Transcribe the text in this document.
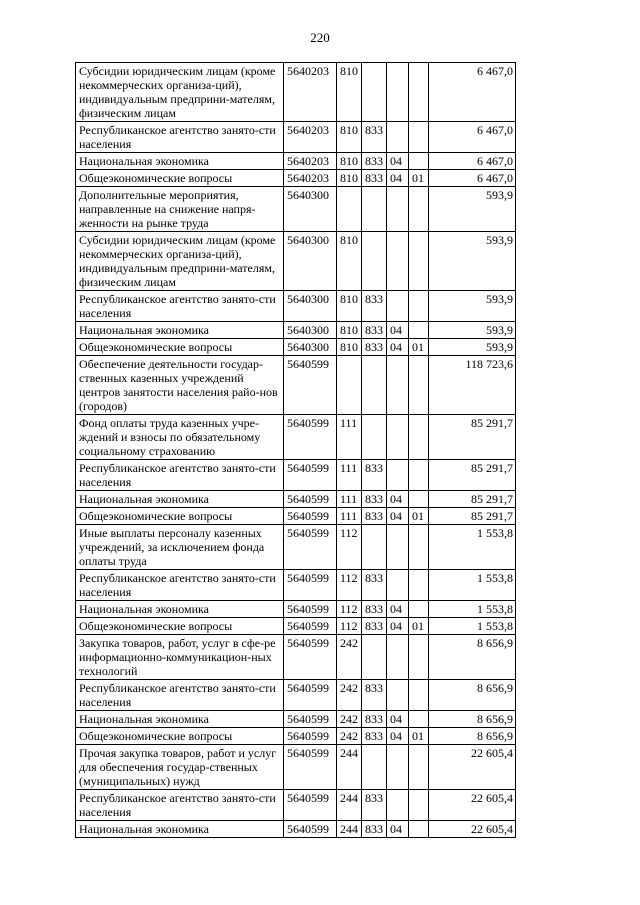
220
Субсидии юридическим лицам (кроме некоммерческих организа-ций), индивидуальным предприни-мателям, физическим лицам	5640203	810				6 467,0
Республиканское агентство занято-сти населения	5640203	810	833			6 467,0
Национальная экономика	5640203	810	833	04		6 467,0
Общеэкономические вопросы	5640203	810	833	04	01	6 467,0
Дополнительные мероприятия, направленные на снижение напря-женности на рынке труда	5640300					593,9
Субсидии юридическим лицам (кроме некоммерческих организа-ций), индивидуальным предприни-мателям, физическим лицам	5640300	810				593,9
Республиканское агентство занято-сти населения	5640300	810	833			593,9
Национальная экономика	5640300	810	833	04		593,9
Общеэкономические вопросы	5640300	810	833	04	01	593,9
Обеспечение деятельности государ-ственных казенных учреждений центров занятости населения райо-нов (городов)	5640599					118 723,6
Фонд оплаты труда казенных учре-ждений и взносы по обязательному социальному страхованию	5640599	111				85 291,7
Республиканское агентство занято-сти населения	5640599	111	833			85 291,7
Национальная экономика	5640599	111	833	04		85 291,7
Общеэкономические вопросы	5640599	111	833	04	01	85 291,7
Иные выплаты персоналу казенных учреждений, за исключением фонда оплаты труда	5640599	112				1 553,8
Республиканское агентство занято-сти населения	5640599	112	833			1 553,8
Национальная экономика	5640599	112	833	04		1 553,8
Общеэкономические вопросы	5640599	112	833	04	01	1 553,8
Закупка товаров, работ, услуг в сфе-ре информационно-коммуникацион-ных технологий	5640599	242				8 656,9
Республиканское агентство занято-сти населения	5640599	242	833			8 656,9
Национальная экономика	5640599	242	833	04		8 656,9
Общеэкономические вопросы	5640599	242	833	04	01	8 656,9
Прочая закупка товаров, работ и услуг для обеспечения государ-ственных (муниципальных) нужд	5640599	244				22 605,4
Республиканское агентство занято-сти населения	5640599	244	833			22 605,4
Национальная экономика	5640599	244	833	04		22 605,4
